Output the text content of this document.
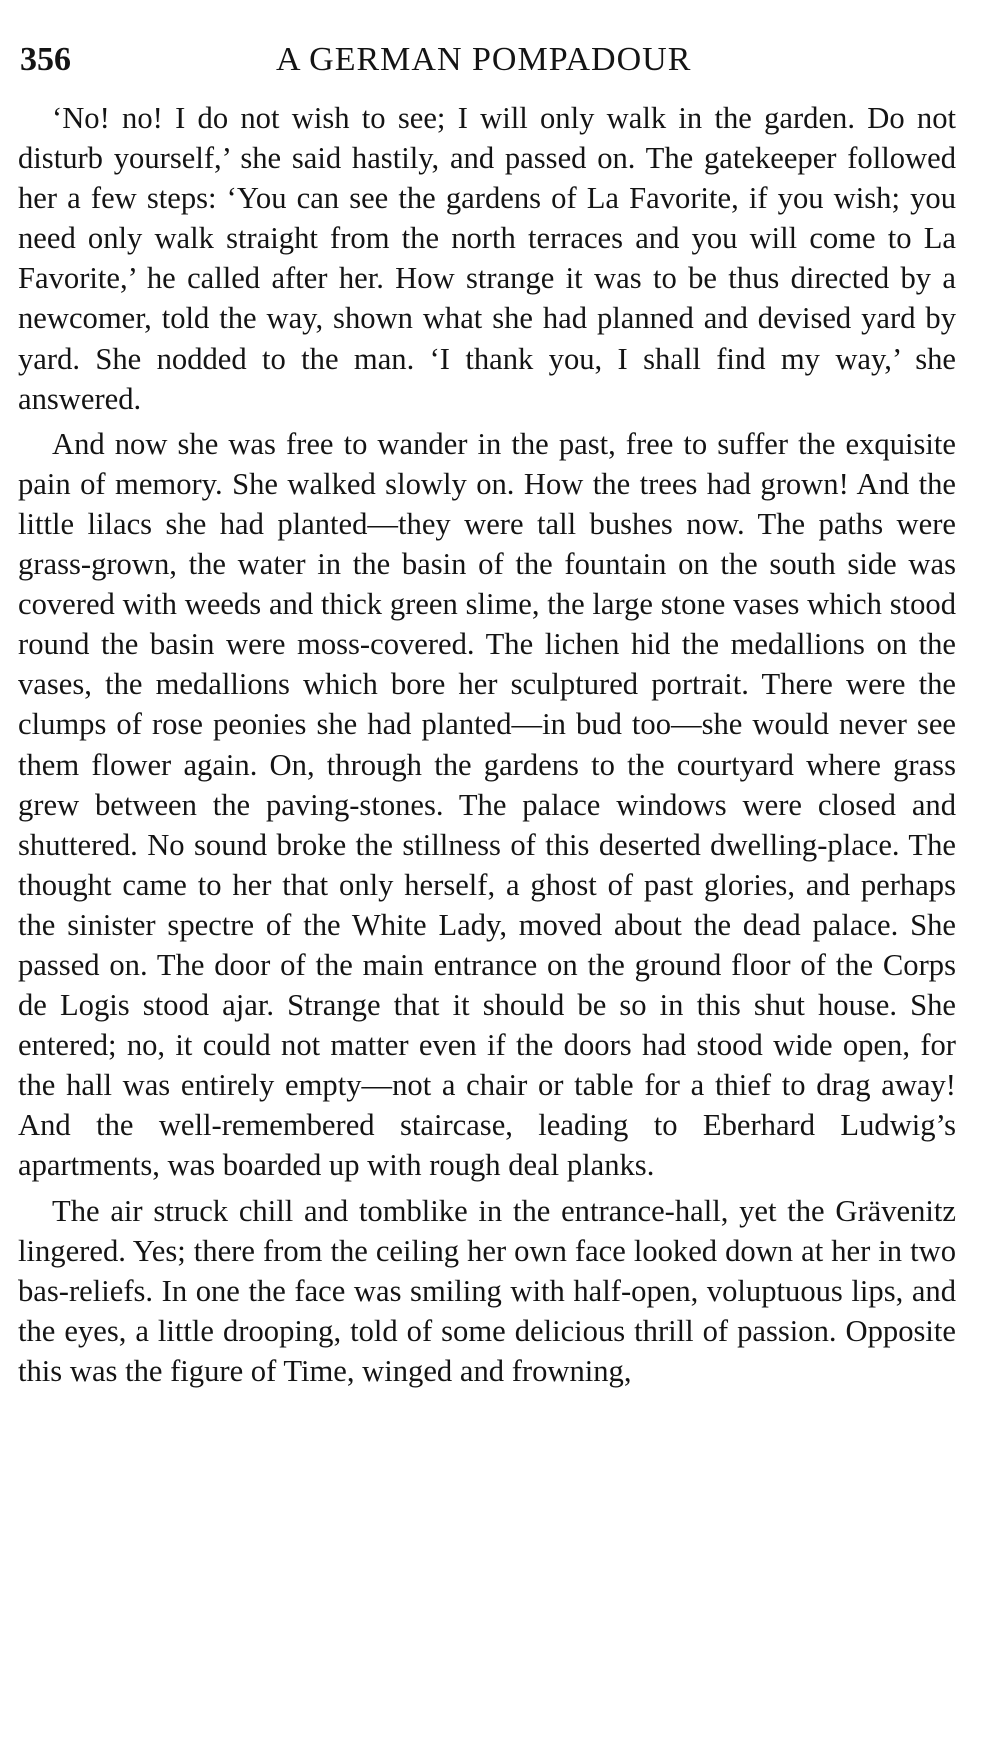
356	A GERMAN POMPADOUR

‘No! no! I do not wish to see; I will only walk in the garden. Do not disturb yourself,’ she said hastily, and passed on. The gatekeeper followed her a few steps: ‘You can see the gardens of La Favorite, if you wish; you need only walk straight from the north terraces and you will come to La Favorite,’ he called after her. How strange it was to be thus directed by a newcomer, told the way, shown what she had planned and devised yard by yard. She nodded to the man. ‘I thank you, I shall find my way,’ she answered.

And now she was free to wander in the past, free to suffer the exquisite pain of memory. She walked slowly on. How the trees had grown! And the little lilacs she had planted—they were tall bushes now. The paths were grass-grown, the water in the basin of the fountain on the south side was covered with weeds and thick green slime, the large stone vases which stood round the basin were moss-covered. The lichen hid the medallions on the vases, the medallions which bore her sculptured portrait. There were the clumps of rose peonies she had planted—in bud too—she would never see them flower again. On, through the gardens to the courtyard where grass grew between the paving-stones. The palace windows were closed and shuttered. No sound broke the stillness of this deserted dwelling-place. The thought came to her that only herself, a ghost of past glories, and perhaps the sinister spectre of the White Lady, moved about the dead palace. She passed on. The door of the main entrance on the ground floor of the Corps de Logis stood ajar. Strange that it should be so in this shut house. She entered; no, it could not matter even if the doors had stood wide open, for the hall was entirely empty—not a chair or table for a thief to drag away! And the well-remembered staircase, leading to Eberhard Ludwig’s apartments, was boarded up with rough deal planks.

The air struck chill and tomblike in the entrance-hall, yet the Grävenitz lingered. Yes; there from the ceiling her own face looked down at her in two bas-reliefs. In one the face was smiling with half-open, voluptuous lips, and the eyes, a little drooping, told of some delicious thrill of passion. Opposite this was the figure of Time, winged and frowning,
